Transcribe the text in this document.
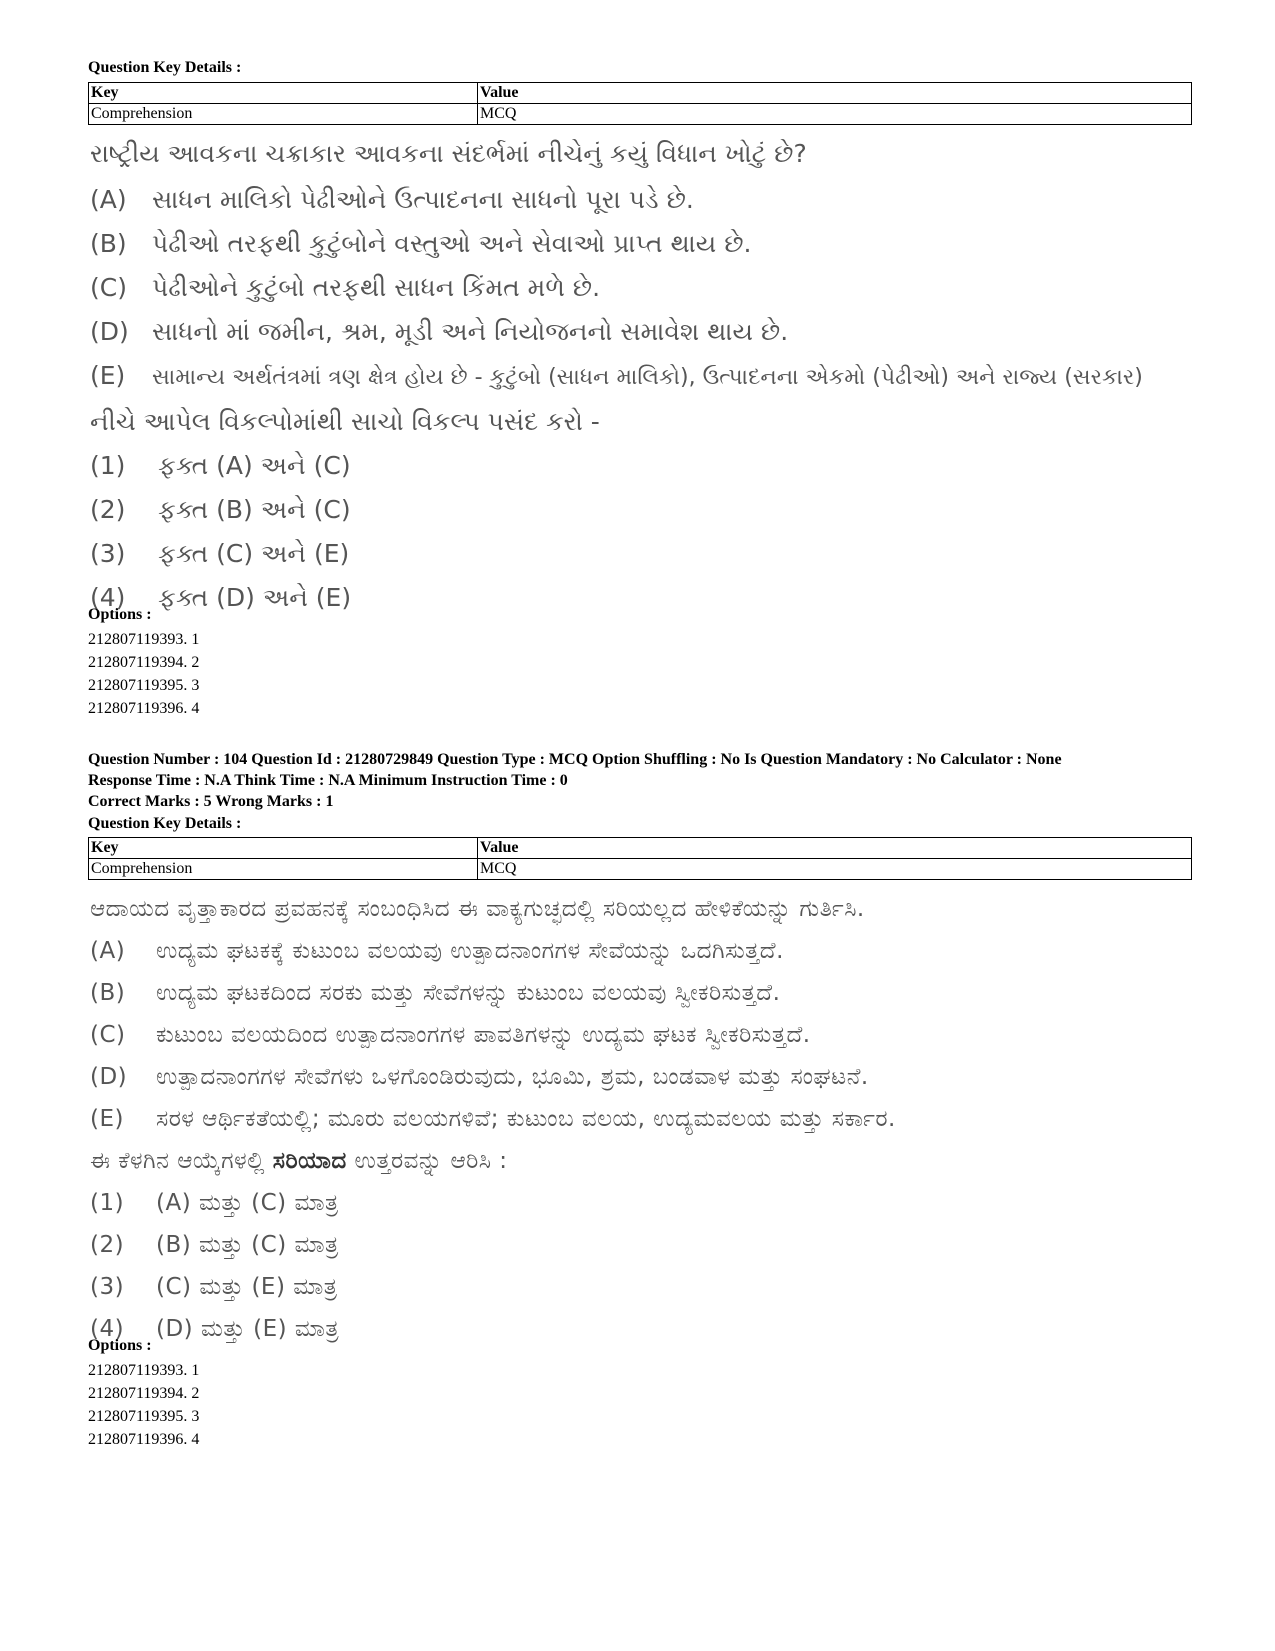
Question Key Details :
Key	Value
Comprehension	MCQ
રાષ્ટ્રીય આવકના ચક્રાકાર આવકના સંદર્ભમાં નીચેનું કયું વિધાન ખોટું છે?
(A) સાધન માલિકો પેઢીઓને ઉત્પાદનના સાધનો પૂરા પડે છે.
(B) પેઢીઓ તરફથી કુટુંબોને વસ્તુઓ અને સેવાઓ પ્રાપ્ત થાય છે.
(C) પેઢીઓને કુટુંબો તરફથી સાધન કિંમત મળે છે.
(D) સાધનો માં જમીન, શ્રમ, મૂડી અને નિયોજનનો સમાવેશ થાય છે.
(E) સામાન્ય અર્થતંત્રમાં ત્રણ ક્ષેત્ર હોય છે - કુટુંબો (સાધન માલિકો), ઉત્પાદનના એકમો (પેઢીઓ) અને રાજ્ય (સરકાર)
નીચે આપેલ વિકલ્પોમાંથી સાચો વિકલ્પ પસંદ કરો -
(1) ફક્ત (A) અને (C)
(2) ફક્ત (B) અને (C)
(3) ફક્ત (C) અને (E)
(4) ફક્ત (D) અને (E)
Options :
212807119393. 1
212807119394. 2
212807119395. 3
212807119396. 4
Question Number : 104 Question Id : 21280729849 Question Type : MCQ Option Shuffling : No Is Question Mandatory : No Calculator : None
Response Time : N.A Think Time : N.A Minimum Instruction Time : 0
Correct Marks : 5 Wrong Marks : 1
Question Key Details :
Key	Value
Comprehension	MCQ
ಆದಾಯದ ವೃತ್ತಾಕಾರದ ಪ್ರವಹನಕ್ಕೆ ಸಂಬಂಧಿಸಿದ ಈ ವಾಕ್ಯಗುಚ್ಛದಲ್ಲಿ ಸರಿಯಲ್ಲದ ಹೇಳಿಕೆಯನ್ನು ಗುರ್ತಿಸಿ.
(A) ಉದ್ಯಮ ಘಟಕಕ್ಕೆ ಕುಟುಂಬ ವಲಯವು ಉತ್ಪಾದನಾಂಗಗಳ ಸೇವೆಯನ್ನು ಒದಗಿಸುತ್ತದೆ.
(B) ಉದ್ಯಮ ಘಟಕದಿಂದ ಸರಕು ಮತ್ತು ಸೇವೆಗಳನ್ನು ಕುಟುಂಬ ವಲಯವು ಸ್ವೀಕರಿಸುತ್ತದೆ.
(C) ಕುಟುಂಬ ವಲಯದಿಂದ ಉತ್ಪಾದನಾಂಗಗಳ ಪಾವತಿಗಳನ್ನು ಉದ್ಯಮ ಘಟಕ ಸ್ವೀಕರಿಸುತ್ತದೆ.
(D) ಉತ್ಪಾದನಾಂಗಗಳ ಸೇವೆಗಳು ಒಳಗೊಂಡಿರುವುದು, ಭೂಮಿ, ಶ್ರಮ, ಬಂಡವಾಳ ಮತ್ತು ಸಂಘಟನೆ.
(E) ಸರಳ ಆರ್ಥಿಕತೆಯಲ್ಲಿ; ಮೂರು ವಲಯಗಳಿವೆ; ಕುಟುಂಬ ವಲಯ, ಉದ್ಯಮವಲಯ ಮತ್ತು ಸರ್ಕಾರ.
ಈ ಕೆಳಗಿನ ಆಯ್ಕೆಗಳಲ್ಲಿ ಸರಿಯಾದ ಉತ್ತರವನ್ನು ಆರಿಸಿ :
(1) (A) ಮತ್ತು (C) ಮಾತ್ರ
(2) (B) ಮತ್ತು (C) ಮಾತ್ರ
(3) (C) ಮತ್ತು (E) ಮಾತ್ರ
(4) (D) ಮತ್ತು (E) ಮಾತ್ರ
Options :
212807119393. 1
212807119394. 2
212807119395. 3
212807119396. 4
